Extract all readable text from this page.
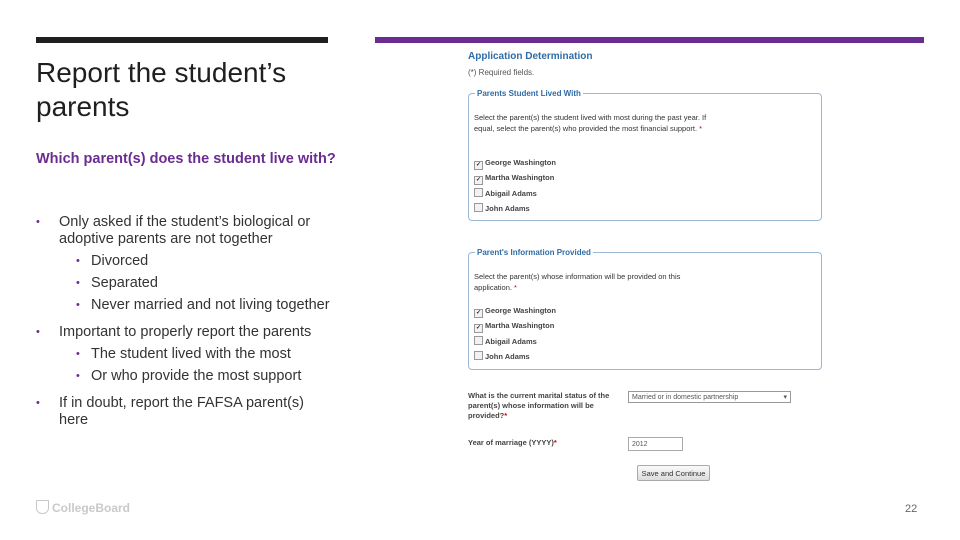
Report the student’s parents
Which parent(s) does the student live with?
• Only asked if the student’s biological or adoptive parents are not together
• Divorced
• Separated
• Never married and not living together
• Important to properly report the parents
• The student lived with the most
• Or who provide the most support
• If in doubt, report the FAFSA parent(s) here
CollegeBoard
Application Determination
(*) Required fields.
Parents Student Lived With
Select the parent(s) the student lived with most during the past year. If equal, select the parent(s) who provided the most financial support. *
✓ George Washington
✓ Martha Washington
Abigail Adams
John Adams
Parent's Information Provided
Select the parent(s) whose information will be provided on this application. *
✓ George Washington
✓ Martha Washington
Abigail Adams
John Adams
What is the current marital status of the parent(s) whose information will be provided?*
Married or in domestic partnership	▾
Year of marriage (YYYY)*	2012
Save and Continue
22
